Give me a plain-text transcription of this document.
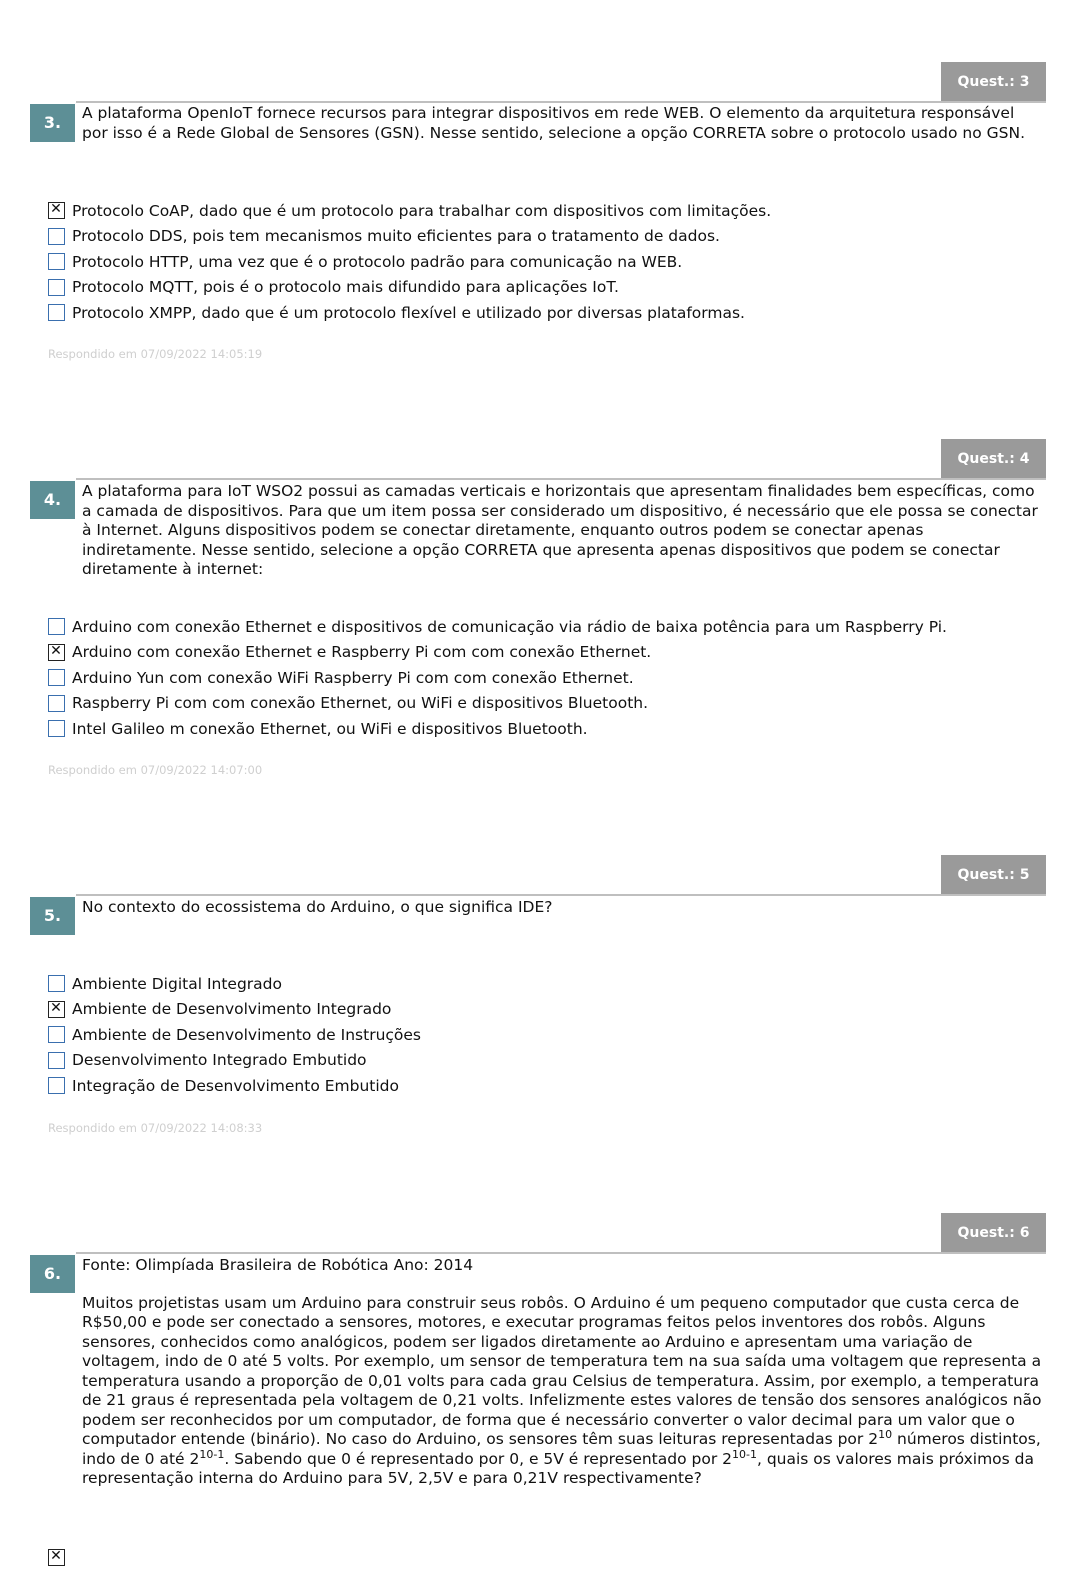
Quest.: 3
3.	A plataforma OpenIoT fornece recursos para integrar dispositivos em rede WEB. O elemento da arquitetura responsável por isso é a Rede Global de Sensores (GSN). Nesse sentido, selecione a opção CORRETA sobre o protocolo usado no GSN.

✕
Protocolo CoAP, dado que é um protocolo para trabalhar com dispositivos com limitações.
Protocolo DDS, pois tem mecanismos muito eficientes para o tratamento de dados.
Protocolo HTTP, uma vez que é o protocolo padrão para comunicação na WEB.
Protocolo MQTT, pois é o protocolo mais difundido para aplicações IoT.
Protocolo XMPP, dado que é um protocolo flexível e utilizado por diversas plataformas.
Respondido em 07/09/2022 14:05:19
Quest.: 4
4.	A plataforma para IoT WSO2 possui as camadas verticais e horizontais que apresentam finalidades bem específicas, como a camada de dispositivos. Para que um item possa ser considerado um dispositivo, é necessário que ele possa se conectar à Internet. Alguns dispositivos podem se conectar diretamente, enquanto outros podem se conectar apenas indiretamente. Nesse sentido, selecione a opção CORRETA que apresenta apenas dispositivos que podem se conectar diretamente à internet:

Arduino com conexão Ethernet e dispositivos de comunicação via rádio de baixa potência para um Raspberry Pi.
✕
Arduino com conexão Ethernet e Raspberry Pi com com conexão Ethernet.
Arduino Yun com conexão WiFi Raspberry Pi com com conexão Ethernet.
Raspberry Pi com com conexão Ethernet, ou WiFi e dispositivos Bluetooth.
Intel Galileo m conexão Ethernet, ou WiFi e dispositivos Bluetooth.
Respondido em 07/09/2022 14:07:00
Quest.: 5
5.	No contexto do ecossistema do Arduino, o que significa IDE?

Ambiente Digital Integrado
✕
Ambiente de Desenvolvimento Integrado
Ambiente de Desenvolvimento de Instruções
Desenvolvimento Integrado Embutido
Integração de Desenvolvimento Embutido
Respondido em 07/09/2022 14:08:33
Quest.: 6
6.	Fonte: Olimpíada Brasileira de Robótica Ano: 2014

Muitos projetistas usam um Arduino para construir seus robôs. O Arduino é um pequeno computador que custa cerca de R$50,00 e pode ser conectado a sensores, motores, e executar programas feitos pelos inventores dos robôs. Alguns sensores, conhecidos como analógicos, podem ser ligados diretamente ao Arduino e apresentam uma variação de voltagem, indo de 0 até 5 volts. Por exemplo, um sensor de temperatura tem na sua saída uma voltagem que representa a temperatura usando a proporção de 0,01 volts para cada grau Celsius de temperatura. Assim, por exemplo, a temperatura de 21 graus é representada pela voltagem de 0,21 volts. Infelizmente estes valores de tensão dos sensores analógicos não podem ser reconhecidos por um computador, de forma que é necessário converter o valor decimal para um valor que o computador entende (binário). No caso do Arduino, os sensores têm suas leituras representadas por $2^{10}$ números distintos, indo de 0 até 2$^{10-1}$. Sabendo que 0 é representado por 0, e 5V é representado por 2$^{10-1}$, quais os valores mais próximos da representação interna do Arduino para 5V, 2,5V e para 0,21V respectivamente?

✕
